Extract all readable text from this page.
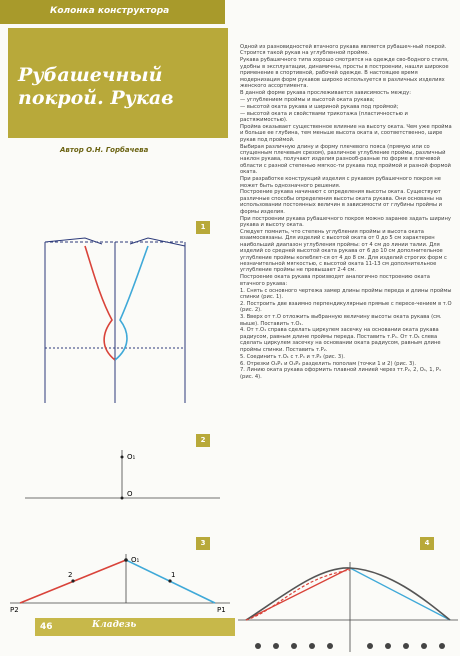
Колонка конструктора
Рубашечный
покрой. Рукав
Автор О.Н. Горбачева

Одной из разновидностей втачного рукава является рубашеч-ный покрой. Строится такой рукав на углубленной пройме.

Рукава рубашечного типа хорошо смотрятся на одежде сво-бодного стиля, удобны в эксплуатации, динамичны, просты в построении, нашли широкое применение в спортивной, рабочей одежде. В настоящее время модернизация форм рукавов широко используется в различных изделиях женского ассортимента.

В данной форме рукава прослеживается зависимость между:

— углублением проймы и высотой оката рукава;

— высотой оката рукава и шириной рукава под проймой;

— высотой оката и свойствами трикотажа (пластичностью и растяжимостью).

Пройма оказывает существенное влияние на высоту оката. Чем уже пройма и больше ее глубина, тем меньше высота оката и, соответственно, шире рукав под проймой.

Выбирая различную длину и форму плечевого пояса (прямую или со спущенным плечевым срезом), различное углубление проймы, различный наклон рукава, получают изделия разнооб-разные по форме в плечевой области с разной степенью мягкос-ти рукава под проймой и разной формой оката.

При разработке конструкций изделия с рукавом рубашечного покроя не может быть однозначного решения.

Построение рукава начинают с определения высоты оката. Существуют различные способы определения высоты оката рукава. Они основаны на использовании постоянных величин в зависимости от глубины проймы и формы изделия.

При построении рукава рубашечного покроя можно заранее задать ширину рукава и высоту оката.

Следует помнить, что степень углубления проймы и высота оката взаимосвязаны. Для изделий с высотой оката от 0 до 5 см характерен наибольший диапазон углубления проймы: от 4 см до линии талии. Для изделий со средней высотой оката рукава от 6 до 10 см дополнительное углубление проймы колеблет-ся от 4 до 8 см. Для изделий строгих форм с незначительной мягкостью, с высотой оката 11-13 см дополнительное углубление проймы не превышает 2-4 см.

Построение оката рукава производят аналогично построению оката втачного рукава:

1. Снять с основного чертежа замер длины проймы переда и длины проймы спинки (рис. 1).

2. Построить две взаимно перпендикулярные прямые с пересе-чением в т.О (рис. 2).

3. Вверх от т.О отложить выбранную величину высоты оката рукава (см. выше). Поставить т.O₁.

4. От т.O₁ справа сделать циркулем засечку на основании оката рукава радиусом, равным длине проймы переда. Поставить т.P₁. От т.O₁ слева сделать циркулем засечку на основании оката радиусом, равным длине проймы спинки. Поставить т.P₂.

5. Соединить т.O₁ с т.P₁ и т.P₂ (рис. 3).

6. Отрезки O₁P₁ и O₁P₂ разделить пополам (точки 1 и 2) (рис. 3).

7. Линию оката рукава оформить плавной линией через тт.P₂, 2, O₁, 1, P₁ (рис. 4).

1
2
O₁
O
3
O₁
2	1
P2	P1
4
46	Кладезь
